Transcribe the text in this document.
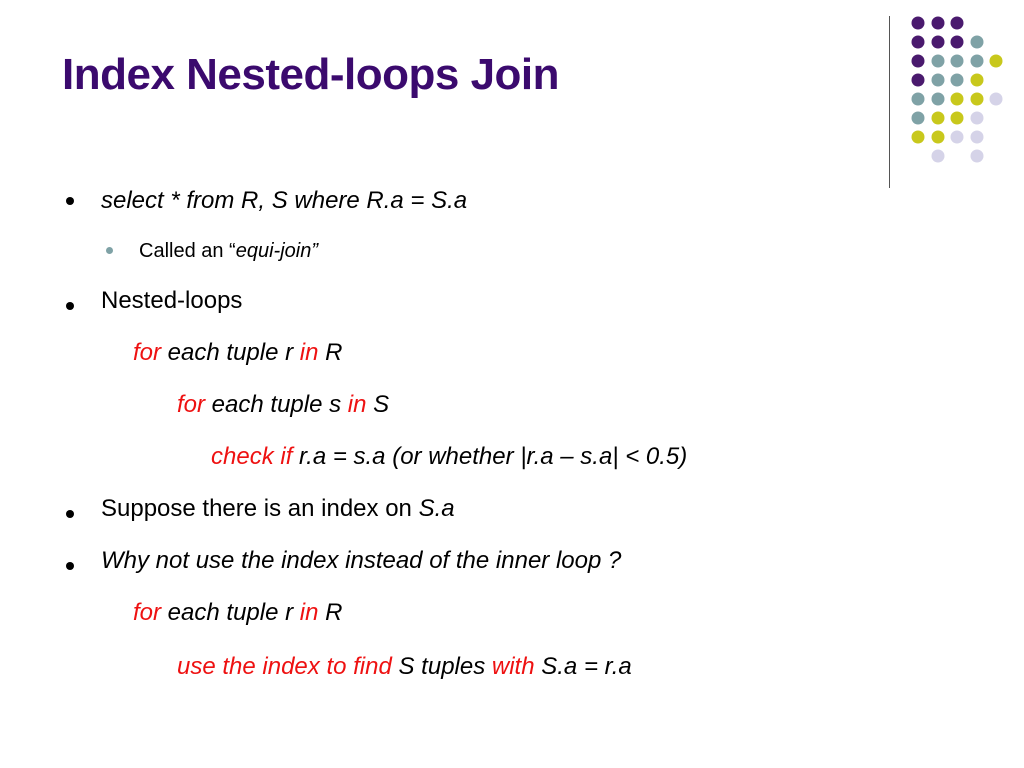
Index Nested-loops Join
select * from R, S where R.a = S.a
Called an “equi-join”
Nested-loops
for each tuple r in R
for each tuple s in S
check if r.a = s.a (or whether |r.a – s.a| < 0.5)
Suppose there is an index on S.a
Why not use the index instead of the inner loop ?
for each tuple r in R
use the index to find S tuples with S.a = r.a
